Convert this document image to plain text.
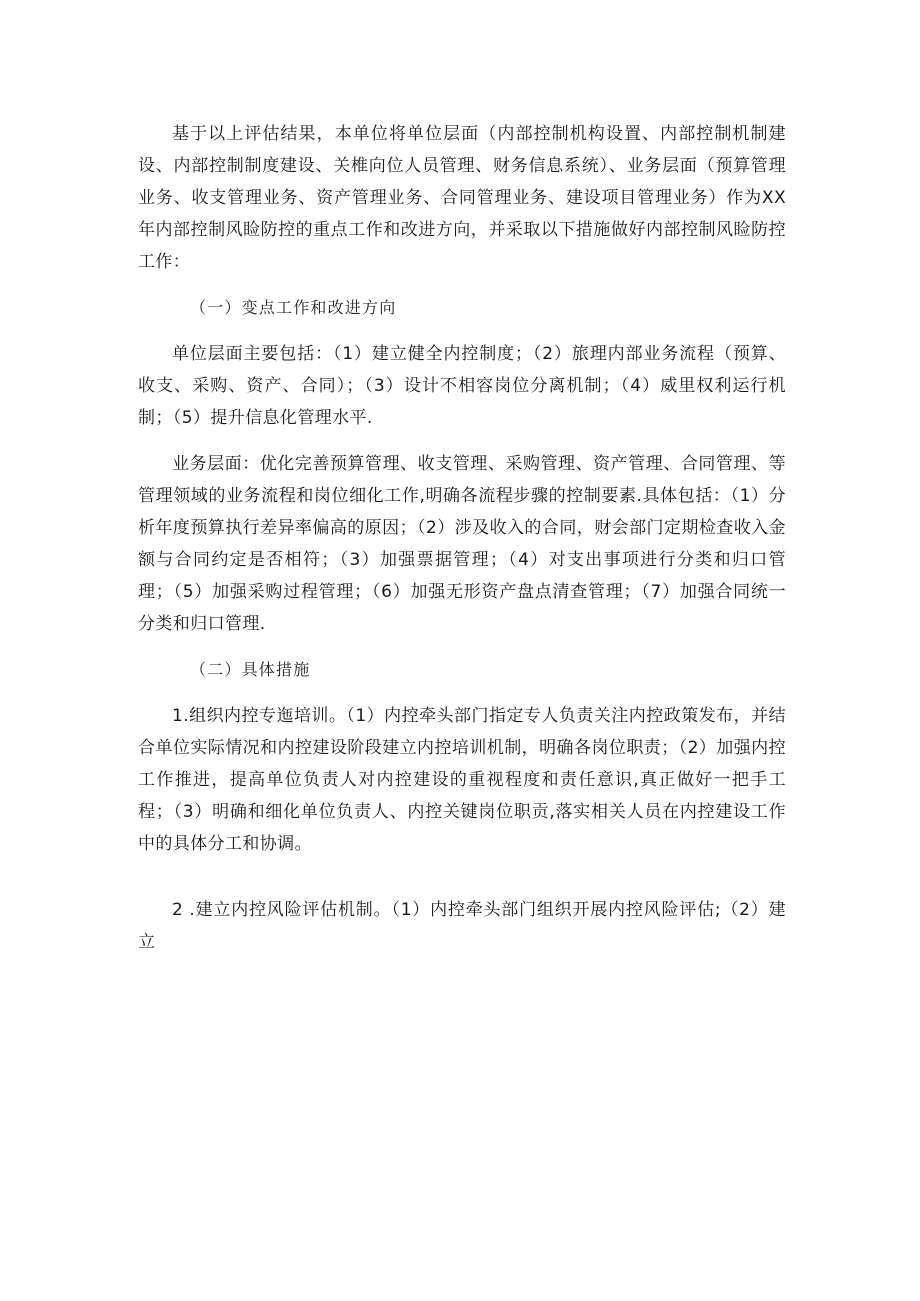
基于以上评估结果，本单位将单位层面（内部控制机构设置、内部控制机制建设、内部控制制度建设、关椎向位人员管理、财务信息系统）、业务层面（预算管理业务、收支管理业务、资产管理业务、合同管理业务、建设项目管理业务）作为XX年内部控制风睑防控的重点工作和改进方向，并采取以下措施做好内部控制风睑防控工作：

（一）变点工作和改进方向

单位层面主要包括：（1）建立健全内控制度；（2）旅理内部业务流程（预算、收支、采购、资产、合同）；（3）设计不相容岗位分离机制；（4）威里权利运行机制；（5）提升信息化管理水平.

业务层面：优化完善预算管理、收支管理、采购管理、资产管理、合同管理、等管理领域的业务流程和岗位细化工作,明确各流程步骤的控制要素.具体包括：（1）分析年度预算执行差异率偏高的原因；（2）涉及收入的合同，财会部门定期检查收入金额与合同约定是否相符；（3）加强票据管理；（4）对支出事项进行分类和归口管理；（5）加强采购过程管理；（6）加强无形资产盘点清查管理；（7）加强合同统一分类和归口管理.

（二）具体措施

1.组织内控专迤培训。（1）内控牵头部门指定专人负责关注内控政策发布，并结合单位实际情况和内控建设阶段建立内控培训机制，明确各岗位职责；（2）加强内控工作推进，提高单位负责人对内控建设的重视程度和责任意识,真正做好一把手工程；（3）明确和细化单位负责人、内控关键岗位职贡,落实相关人员在内控建设工作中的具体分工和协调。

2 .建立内控风险评估机制。（1）内控牵头部门组织开展内控风险评估;（2）建立
